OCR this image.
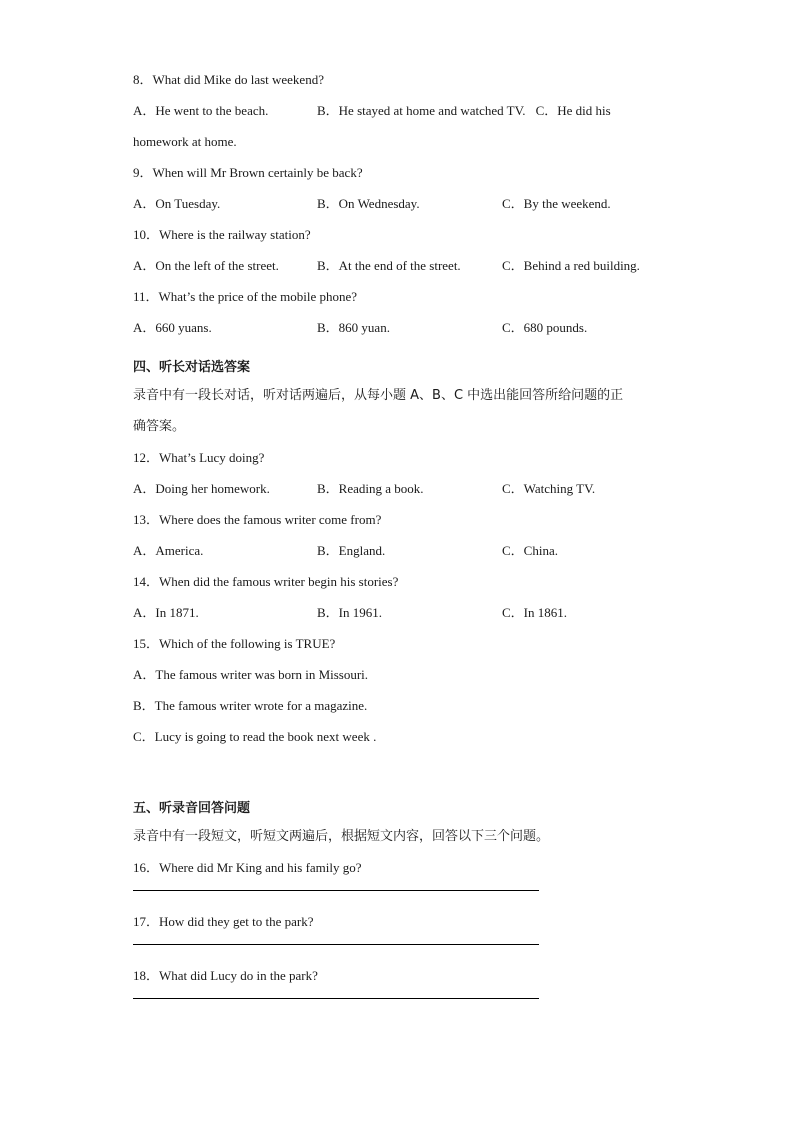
8．What did Mike do last weekend?
A．He went to the beach.	B．He stayed at home and watched TV. C．He did his
homework at home.
9．When will Mr Brown certainly be back?
A．On Tuesday.	B．On Wednesday.	C．By the weekend.
10．Where is the railway station?
A．On the left of the street.	B．At the end of the street.	C．Behind a red building.
11．What’s the price of the mobile phone?
A．660 yuans.	B．860 yuan.	C．680 pounds.
四、听长对话选答案
录音中有一段长对话，听对话两遍后，从每小题 A、B、C 中选出能回答所给问题的正
确答案。
12．What’s Lucy doing?
A．Doing her homework.	B．Reading a book.	C．Watching TV.
13．Where does the famous writer come from?
A．America.	B．England.	C．China.
14．When did the famous writer begin his stories?
A．In 1871.	B．In 1961.	C．In 1861.
15．Which of the following is TRUE?
A．The famous writer was born in Missouri.
B．The famous writer wrote for a magazine.
C．Lucy is going to read the book next week .
五、听录音回答问题
录音中有一段短文，听短文两遍后，根据短文内容，回答以下三个问题。
16．Where did Mr King and his family go?
17．How did they get to the park?
18．What did Lucy do in the park?
